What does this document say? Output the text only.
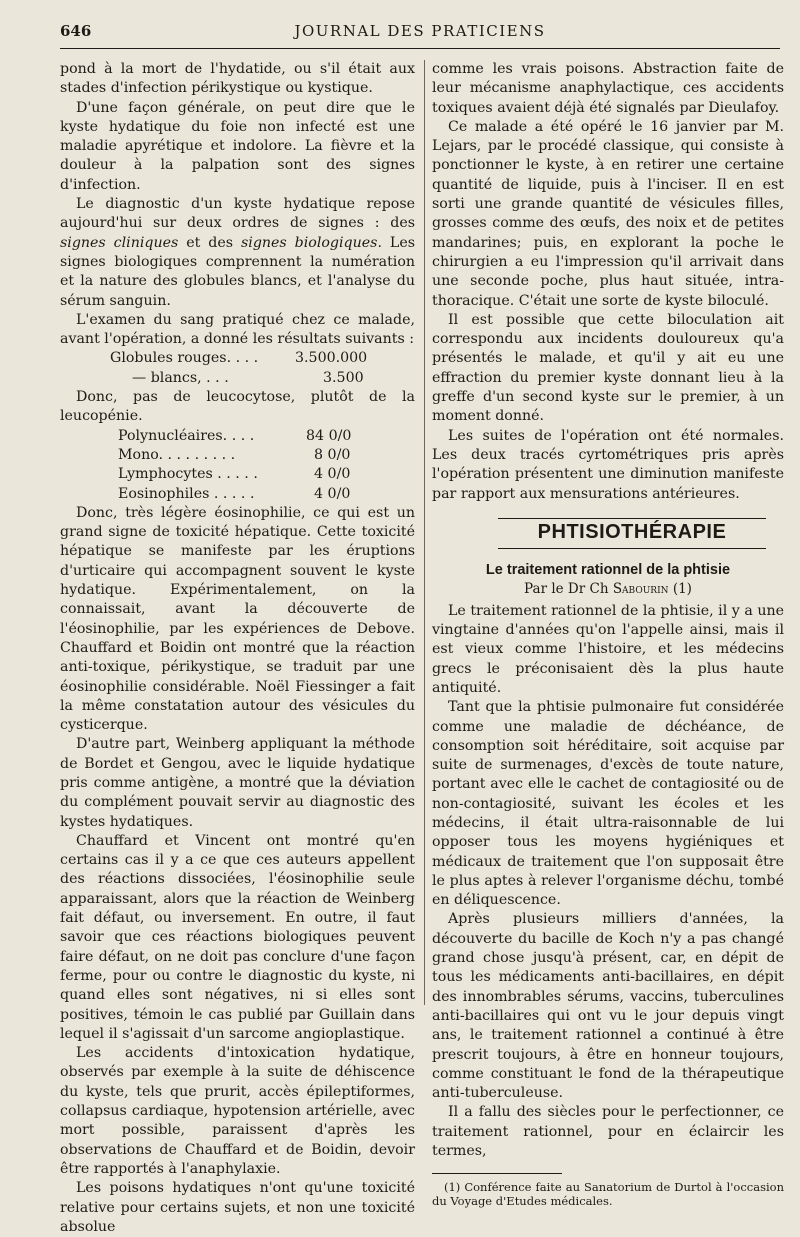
646	JOURNAL DES PRATICIENS

pond à la mort de l'hydatide, ou s'il était aux stades d'infection périkystique ou kystique.

D'une façon générale, on peut dire que le kyste hydatique du foie non infecté est une maladie apyrétique et indolore. La fièvre et la douleur à la palpation sont des signes d'infection.

Le diagnostic d'un kyste hydatique repose aujourd'hui sur deux ordres de signes : des signes cliniques et des signes biologiques. Les signes biologiques comprennent la numération et la nature des globules blancs, et l'analyse du sérum sanguin.

L'examen du sang pratiqué chez ce malade, avant l'opération, a donné les résultats suivants :

Globules rouges. . . .	3.500.000
— blancs, . . .	3.500

Donc, pas de leucocytose, plutôt de la leucopénie.

Polynucléaires. . . .	84 0/0
Mono. . . . . . . . .	8 0/0
Lymphocytes . . . . .	4 0/0
Eosinophiles . . . . .	4 0/0

Donc, très légère éosinophilie, ce qui est un grand signe de toxicité hépatique. Cette toxicité hépatique se manifeste par les éruptions d'urticaire qui accompagnent souvent le kyste hydatique. Expérimentalement, on la connaissait, avant la découverte de l'éosinophilie, par les expériences de Debove. Chauffard et Boidin ont montré que la réaction anti-toxique, périkystique, se traduit par une éosinophilie considérable. Noël Fiessinger a fait la même constatation autour des vésicules du cysticerque.

D'autre part, Weinberg appliquant la méthode de Bordet et Gengou, avec le liquide hydatique pris comme antigène, a montré que la déviation du complément pouvait servir au diagnostic des kystes hydatiques.

Chauffard et Vincent ont montré qu'en certains cas il y a ce que ces auteurs appellent des réactions dissociées, l'éosinophilie seule apparaissant, alors que la réaction de Weinberg fait défaut, ou inversement. En outre, il faut savoir que ces réactions biologiques peuvent faire défaut, on ne doit pas conclure d'une façon ferme, pour ou contre le diagnostic du kyste, ni quand elles sont négatives, ni si elles sont positives, témoin le cas publié par Guillain dans lequel il s'agissait d'un sarcome angioplastique.

Les accidents d'intoxication hydatique, observés par exemple à la suite de déhiscence du kyste, tels que prurit, accès épileptiformes, collapsus cardiaque, hypotension artérielle, avec mort possible, paraissent d'après les observations de Chauffard et de Boidin, devoir être rapportés à l'anaphylaxie.

Les poisons hydatiques n'ont qu'une toxicité relative pour certains sujets, et non une toxicité absolue

comme les vrais poisons. Abstraction faite de leur mécanisme anaphylactique, ces accidents toxiques avaient déjà été signalés par Dieulafoy.

Ce malade a été opéré le 16 janvier par M. Lejars, par le procédé classique, qui consiste à ponctionner le kyste, à en retirer une certaine quantité de liquide, puis à l'inciser. Il en est sorti une grande quantité de vésicules filles, grosses comme des œufs, des noix et de petites mandarines; puis, en explorant la poche le chirurgien a eu l'impression qu'il arrivait dans une seconde poche, plus haut située, intra-thoracique. C'était une sorte de kyste biloculé.

Il est possible que cette biloculation ait correspondu aux incidents douloureux qu'a présentés le malade, et qu'il y ait eu une effraction du premier kyste donnant lieu à la greffe d'un second kyste sur le premier, à un moment donné.

Les suites de l'opération ont été normales. Les deux tracés cyrtométriques pris après l'opération présentent une diminution manifeste par rapport aux mensurations antérieures.

PHTISIOTHÉRAPIE
Le traitement rationnel de la phtisie
Par le Dr Ch Sabourin (1)

Le traitement rationnel de la phtisie, il y a une vingtaine d'années qu'on l'appelle ainsi, mais il est vieux comme l'histoire, et les médecins grecs le préconisaient dès la plus haute antiquité.

Tant que la phtisie pulmonaire fut considérée comme une maladie de déchéance, de consomption soit héréditaire, soit acquise par suite de surmenages, d'excès de toute nature, portant avec elle le cachet de contagiosité ou de non-contagiosité, suivant les écoles et les médecins, il était ultra-raisonnable de lui opposer tous les moyens hygiéniques et médicaux de traitement que l'on supposait être le plus aptes à relever l'organisme déchu, tombé en déliquescence.

Après plusieurs milliers d'années, la découverte du bacille de Koch n'y a pas changé grand chose jusqu'à présent, car, en dépit de tous les médicaments anti-bacillaires, en dépit des innombrables sérums, vaccins, tuberculines anti-bacillaires qui ont vu le jour depuis vingt ans, le traitement rationnel a continué à être prescrit toujours, à être en honneur toujours, comme constituant le fond de la thérapeutique anti-tuberculeuse.

Il a fallu des siècles pour le perfectionner, ce traitement rationnel, pour en éclaircir les termes,

(1) Conférence faite au Sanatorium de Durtol à l'occasion du Voyage d'Etudes médicales.
